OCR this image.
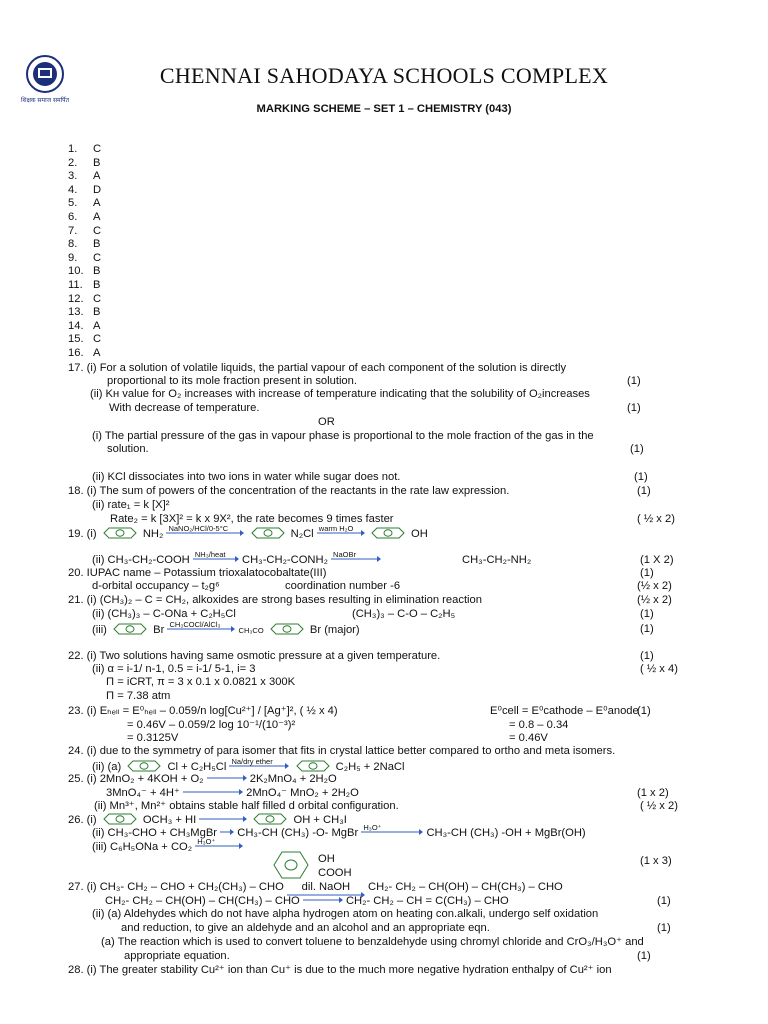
शिक्षक समाज समर्पित
CHENNAI SAHODAYA SCHOOLS COMPLEX
MARKING SCHEME – SET 1 – CHEMISTRY (043)
1. C
2. B
3. A
4. D
5. A
6. A
7. C
8. B
9. C
10. B
11. B
12. C
13. B
14. A
15. C
16. A
17. (i) For a solution of volatile liquids, the partial vapour of each component of the solution is directly
proportional to its mole fraction present in solution.	(1)
(ii) Kʜ value for O₂ increases with increase of temperature indicating that the solubility of O₂increases
With decrease of temperature.	(1)
OR
(i) The partial pressure of the gas in vapour phase is proportional to the mole fraction of the gas in the
solution.	(1)
(ii) KCl dissociates into two ions in water while sugar does not.	(1)
18. (i) The sum of powers of the concentration of the reactants in the rate law expression.	(1)
(ii) rate₁ = k [X]²
Rate₂ = k [3X]² = k x 9X², the rate becomes 9 times faster	( ½ x 2)
19. (i)	NH₂ NaNO₂/HCl/0-5°C
	N₂Cl warm H₂O
	OH
(ii) CH₃-CH₂-COOH NH₃/heat CH₃-CH₂-CONH₂ NaOBr	CH₃-CH₂-NH₂	(1 X 2)
20. IUPAC name – Potassium trioxalatocobaltate(III)	(1)
d-orbital occupancy – t₂g⁶	coordination number -6	(½ x 2)
21. (i) (CH₃)₂ – C = CH₂, alkoxides are strong bases resulting in elimination reaction	(½ x 2)
(ii) (CH₃)₃ – C-ONa + C₂H₅Cl	(CH₃)₃ – C-O – C₂H₅	(1)
(iii)	Br CH₃COCl/AlCl₃
CH₃CO	Br (major)	(1)
22. (i) Two solutions having same osmotic pressure at a given temperature.	(1)
(ii) α = i-1/ n-1, 0.5 = i-1/ 5-1, i= 3	( ½ x 4)
Π = iCRT, π = 3 x 0.1 x 0.0821 x 300K
Π = 7.38 atm
23. (i) Eₕₑₗₗ = E⁰ₕₑₗₗ – 0.059/n log[Cu²⁺] / [Ag⁺]², ( ½ x 4)	E⁰cell = E⁰cathode – E⁰anode
(1)
= 0.46V – 0.059/2 log 10⁻¹/(10⁻³)²	= 0.8 – 0.34
= 0.3125V	= 0.46V
24. (i) due to the symmetry of para isomer that fits in crystal lattice better compared to ortho and meta isomers.
(ii) (a)	Cl + C₂H₅Cl Na/dry ether
	C₂H₅ + 2NaCl
25. (i) 2MnO₂ + 4KOH + O₂ → 2K₂MnO₄ + 2H₂O
3MnO₄⁻ + 4H⁺	2MnO₄⁻ MnO₂ + 2H₂O	(1 x 2)
(ii) Mn³⁺, Mn²⁺ obtains stable half filled d orbital configuration.	( ½ x 2)
26. (i)	OCH₃ + HI
	OH + CH₃I
(ii) CH₃-CHO + CH₃MgBr → CH₃-CH (CH₃) -O- MgBr H₃O⁺	CH₃-CH (CH₃) -OH + MgBr(OH)
(iii) C₆H₅ONa + CO₂ H₃O⁺
OH	(1 x 3)
COOH
27. (i) CH₃- CH₂ – CHO + CH₂(CH₃) – CHO dil. NaOH CH₂- CH₂ – CH(OH) – CH(CH₃) – CHO
CH₂- CH₂ – CH(OH) – CH(CH₃) – CHO → CH₂- CH₂ – CH = C(CH₃) – CHO	(1)
(ii) (a) Aldehydes which do not have alpha hydrogen atom on heating con.alkali, undergo self oxidation
and reduction, to give an aldehyde and an alcohol and an appropriate eqn.	(1)
(a) The reaction which is used to convert toluene to benzaldehyde using chromyl chloride and CrO₃/H₃O⁺ and
appropriate equation.	(1)
28. (i) The greater stability Cu²⁺ ion than Cu⁺ is due to the much more negative hydration enthalpy of Cu²⁺ ion
